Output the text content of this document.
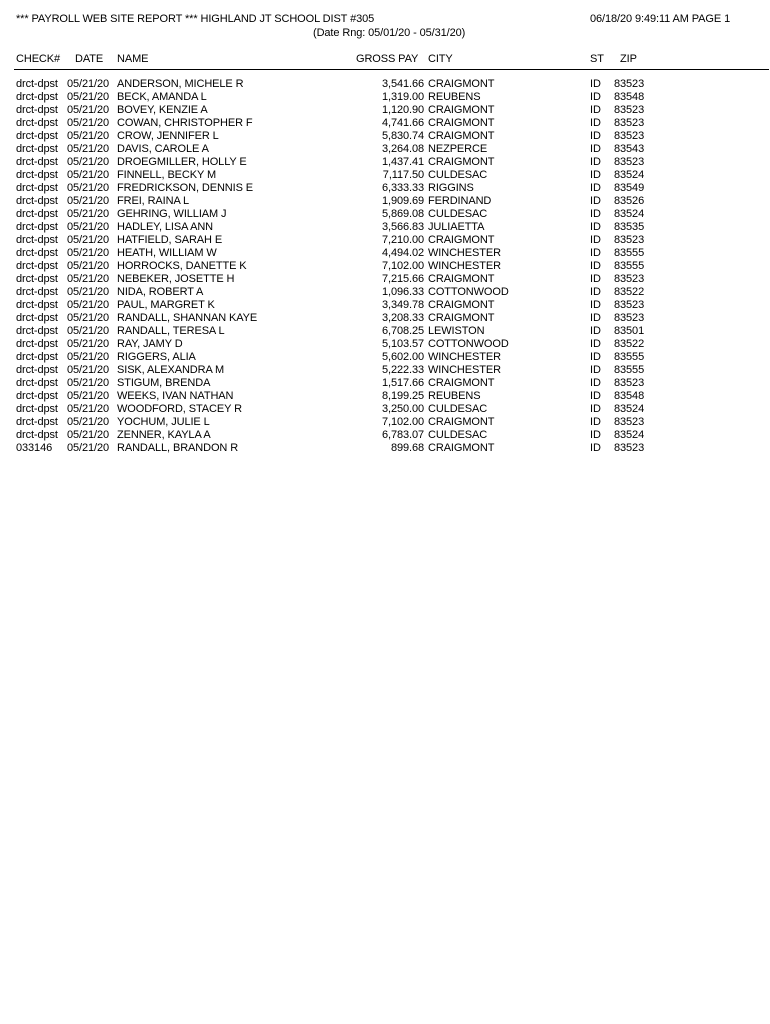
*** PAYROLL WEB SITE REPORT *** HIGHLAND JT SCHOOL DIST #305	06/18/20 9:49:11 AM PAGE 1
(Date Rng: 05/01/20 - 05/31/20)
CHECK# DATE NAME	GROSS PAY CITY	ST ZIP
drct-dpst 05/21/20 ANDERSON, MICHELE R	3,541.66 CRAIGMONT	ID 83523
drct-dpst 05/21/20 BECK, AMANDA L	1,319.00 REUBENS	ID 83548
drct-dpst 05/21/20 BOVEY, KENZIE A	1,120.90 CRAIGMONT	ID 83523
drct-dpst 05/21/20 COWAN, CHRISTOPHER F	4,741.66 CRAIGMONT	ID 83523
drct-dpst 05/21/20 CROW, JENNIFER L	5,830.74 CRAIGMONT	ID 83523
drct-dpst 05/21/20 DAVIS, CAROLE A	3,264.08 NEZPERCE	ID 83543
drct-dpst 05/21/20 DROEGMILLER, HOLLY E	1,437.41 CRAIGMONT	ID 83523
drct-dpst 05/21/20 FINNELL, BECKY M	7,117.50 CULDESAC	ID 83524
drct-dpst 05/21/20 FREDRICKSON, DENNIS E	6,333.33 RIGGINS	ID 83549
drct-dpst 05/21/20 FREI, RAINA L	1,909.69 FERDINAND	ID 83526
drct-dpst 05/21/20 GEHRING, WILLIAM J	5,869.08 CULDESAC	ID 83524
drct-dpst 05/21/20 HADLEY, LISA ANN	3,566.83 JULIAETTA	ID 83535
drct-dpst 05/21/20 HATFIELD, SARAH E	7,210.00 CRAIGMONT	ID 83523
drct-dpst 05/21/20 HEATH, WILLIAM W	4,494.02 WINCHESTER	ID 83555
drct-dpst 05/21/20 HORROCKS, DANETTE K	7,102.00 WINCHESTER	ID 83555
drct-dpst 05/21/20 NEBEKER, JOSETTE H	7,215.66 CRAIGMONT	ID 83523
drct-dpst 05/21/20 NIDA, ROBERT A	1,096.33 COTTONWOOD	ID 83522
drct-dpst 05/21/20 PAUL, MARGRET K	3,349.78 CRAIGMONT	ID 83523
drct-dpst 05/21/20 RANDALL, SHANNAN KAYE	3,208.33 CRAIGMONT	ID 83523
drct-dpst 05/21/20 RANDALL, TERESA L	6,708.25 LEWISTON	ID 83501
drct-dpst 05/21/20 RAY, JAMY D	5,103.57 COTTONWOOD	ID 83522
drct-dpst 05/21/20 RIGGERS, ALIA	5,602.00 WINCHESTER	ID 83555
drct-dpst 05/21/20 SISK, ALEXANDRA M	5,222.33 WINCHESTER	ID 83555
drct-dpst 05/21/20 STIGUM, BRENDA	1,517.66 CRAIGMONT	ID 83523
drct-dpst 05/21/20 WEEKS, IVAN NATHAN	8,199.25 REUBENS	ID 83548
drct-dpst 05/21/20 WOODFORD, STACEY R	3,250.00 CULDESAC	ID 83524
drct-dpst 05/21/20 YOCHUM, JULIE L	7,102.00 CRAIGMONT	ID 83523
drct-dpst 05/21/20 ZENNER, KAYLA A	6,783.07 CULDESAC	ID 83524
033146 05/21/20 RANDALL, BRANDON R	899.68 CRAIGMONT	ID 83523
